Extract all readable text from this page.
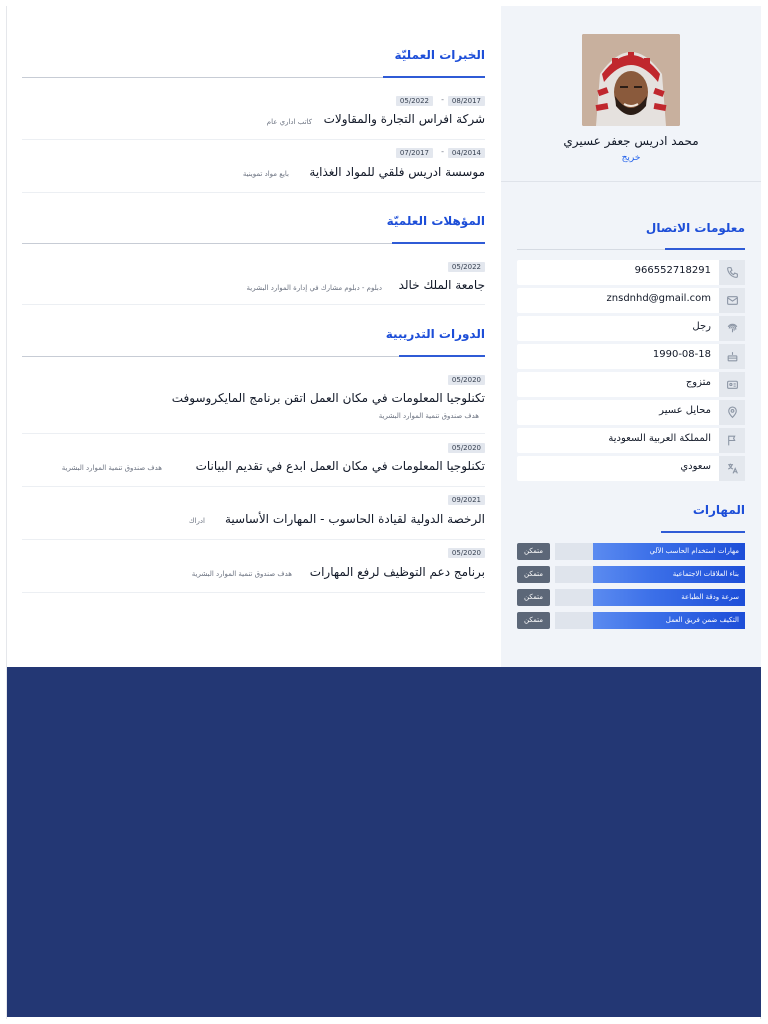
محمد ادريس جعفر عسيري
خريج
معلومات الاتصال
966552718291
znsdnhd@gmail.com
رجل
1990-08-18
متزوج
محايل عسير
المملكة العربية السعودية
سعودي
المهارات
مهارات استخدام الحاسب الآلي
متمكن
بناء العلاقات الاجتماعية
متمكن
سرعة ودقة الطباعة
متمكن
التكيف ضمن فريق العمل
متمكن
الخبرات العمليّة
08/2017
-
05/2022
شركة افراس التجارة والمقاولات
كاتب اداري عام
04/2014
-
07/2017
موسسة ادريس فلقي للمواد الغذاية
بايع مواد تموينية
المؤهلات العلميّة
05/2022
جامعة الملك خالد
دبلوم - دبلوم مشارك في إدارة الموارد البشرية
الدورات التدريبية
05/2020
تكنلوجيا المعلومات في مكان العمل اتقن برنامج المايكروسوفت
هدف صندوق تنمية الموارد البشرية
05/2020
تكنلوجيا المعلومات في مكان العمل ابدع في تقديم البيانات
هدف صندوق تنمية الموارد البشرية
09/2021
الرخصة الدولية لقيادة الحاسوب - المهارات الأساسية
ادراك
05/2020
برنامج دعم التوظيف لرفع المهارات
هدف صندوق تنمية الموارد البشرية
